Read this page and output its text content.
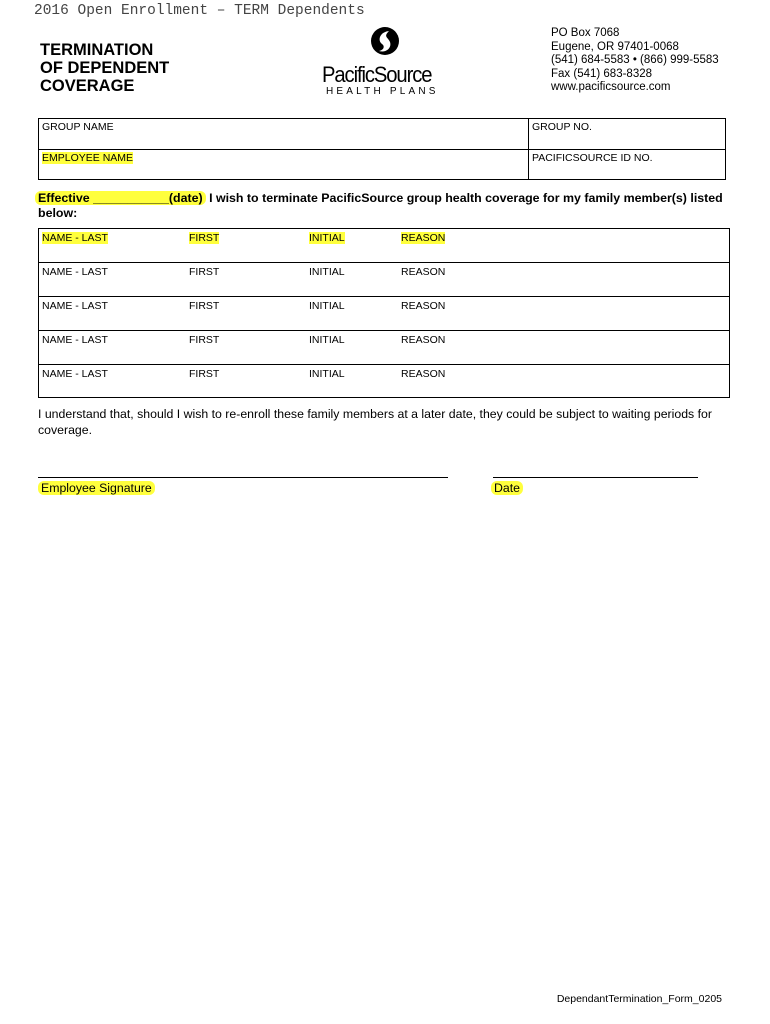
2016 Open Enrollment – TERM Dependents
TERMINATION
OF DEPENDENT
COVERAGE	PacificSource
HEALTH PLANS
PO Box 7068
Eugene, OR 97401-0068
(541) 684-5583 • (866) 999-5583
Fax (541) 683-8328
www.pacificsource.com
GROUP NAME	GROUP NO.
EMPLOYEE NAME	PACIFICSOURCE ID NO.
Effective ___________(date) I wish to terminate PacificSource group health coverage for my family member(s) listed below:
NAME - LAST	FIRST	INITIAL	REASON
NAME - LAST	FIRST	INITIAL	REASON
NAME - LAST	FIRST	INITIAL	REASON
NAME - LAST	FIRST	INITIAL	REASON
NAME - LAST	FIRST	INITIAL	REASON
I understand that, should I wish to re-enroll these family members at a later date, they could be subject to waiting periods for coverage.
Employee Signature	Date
DependantTermination_Form_0205
